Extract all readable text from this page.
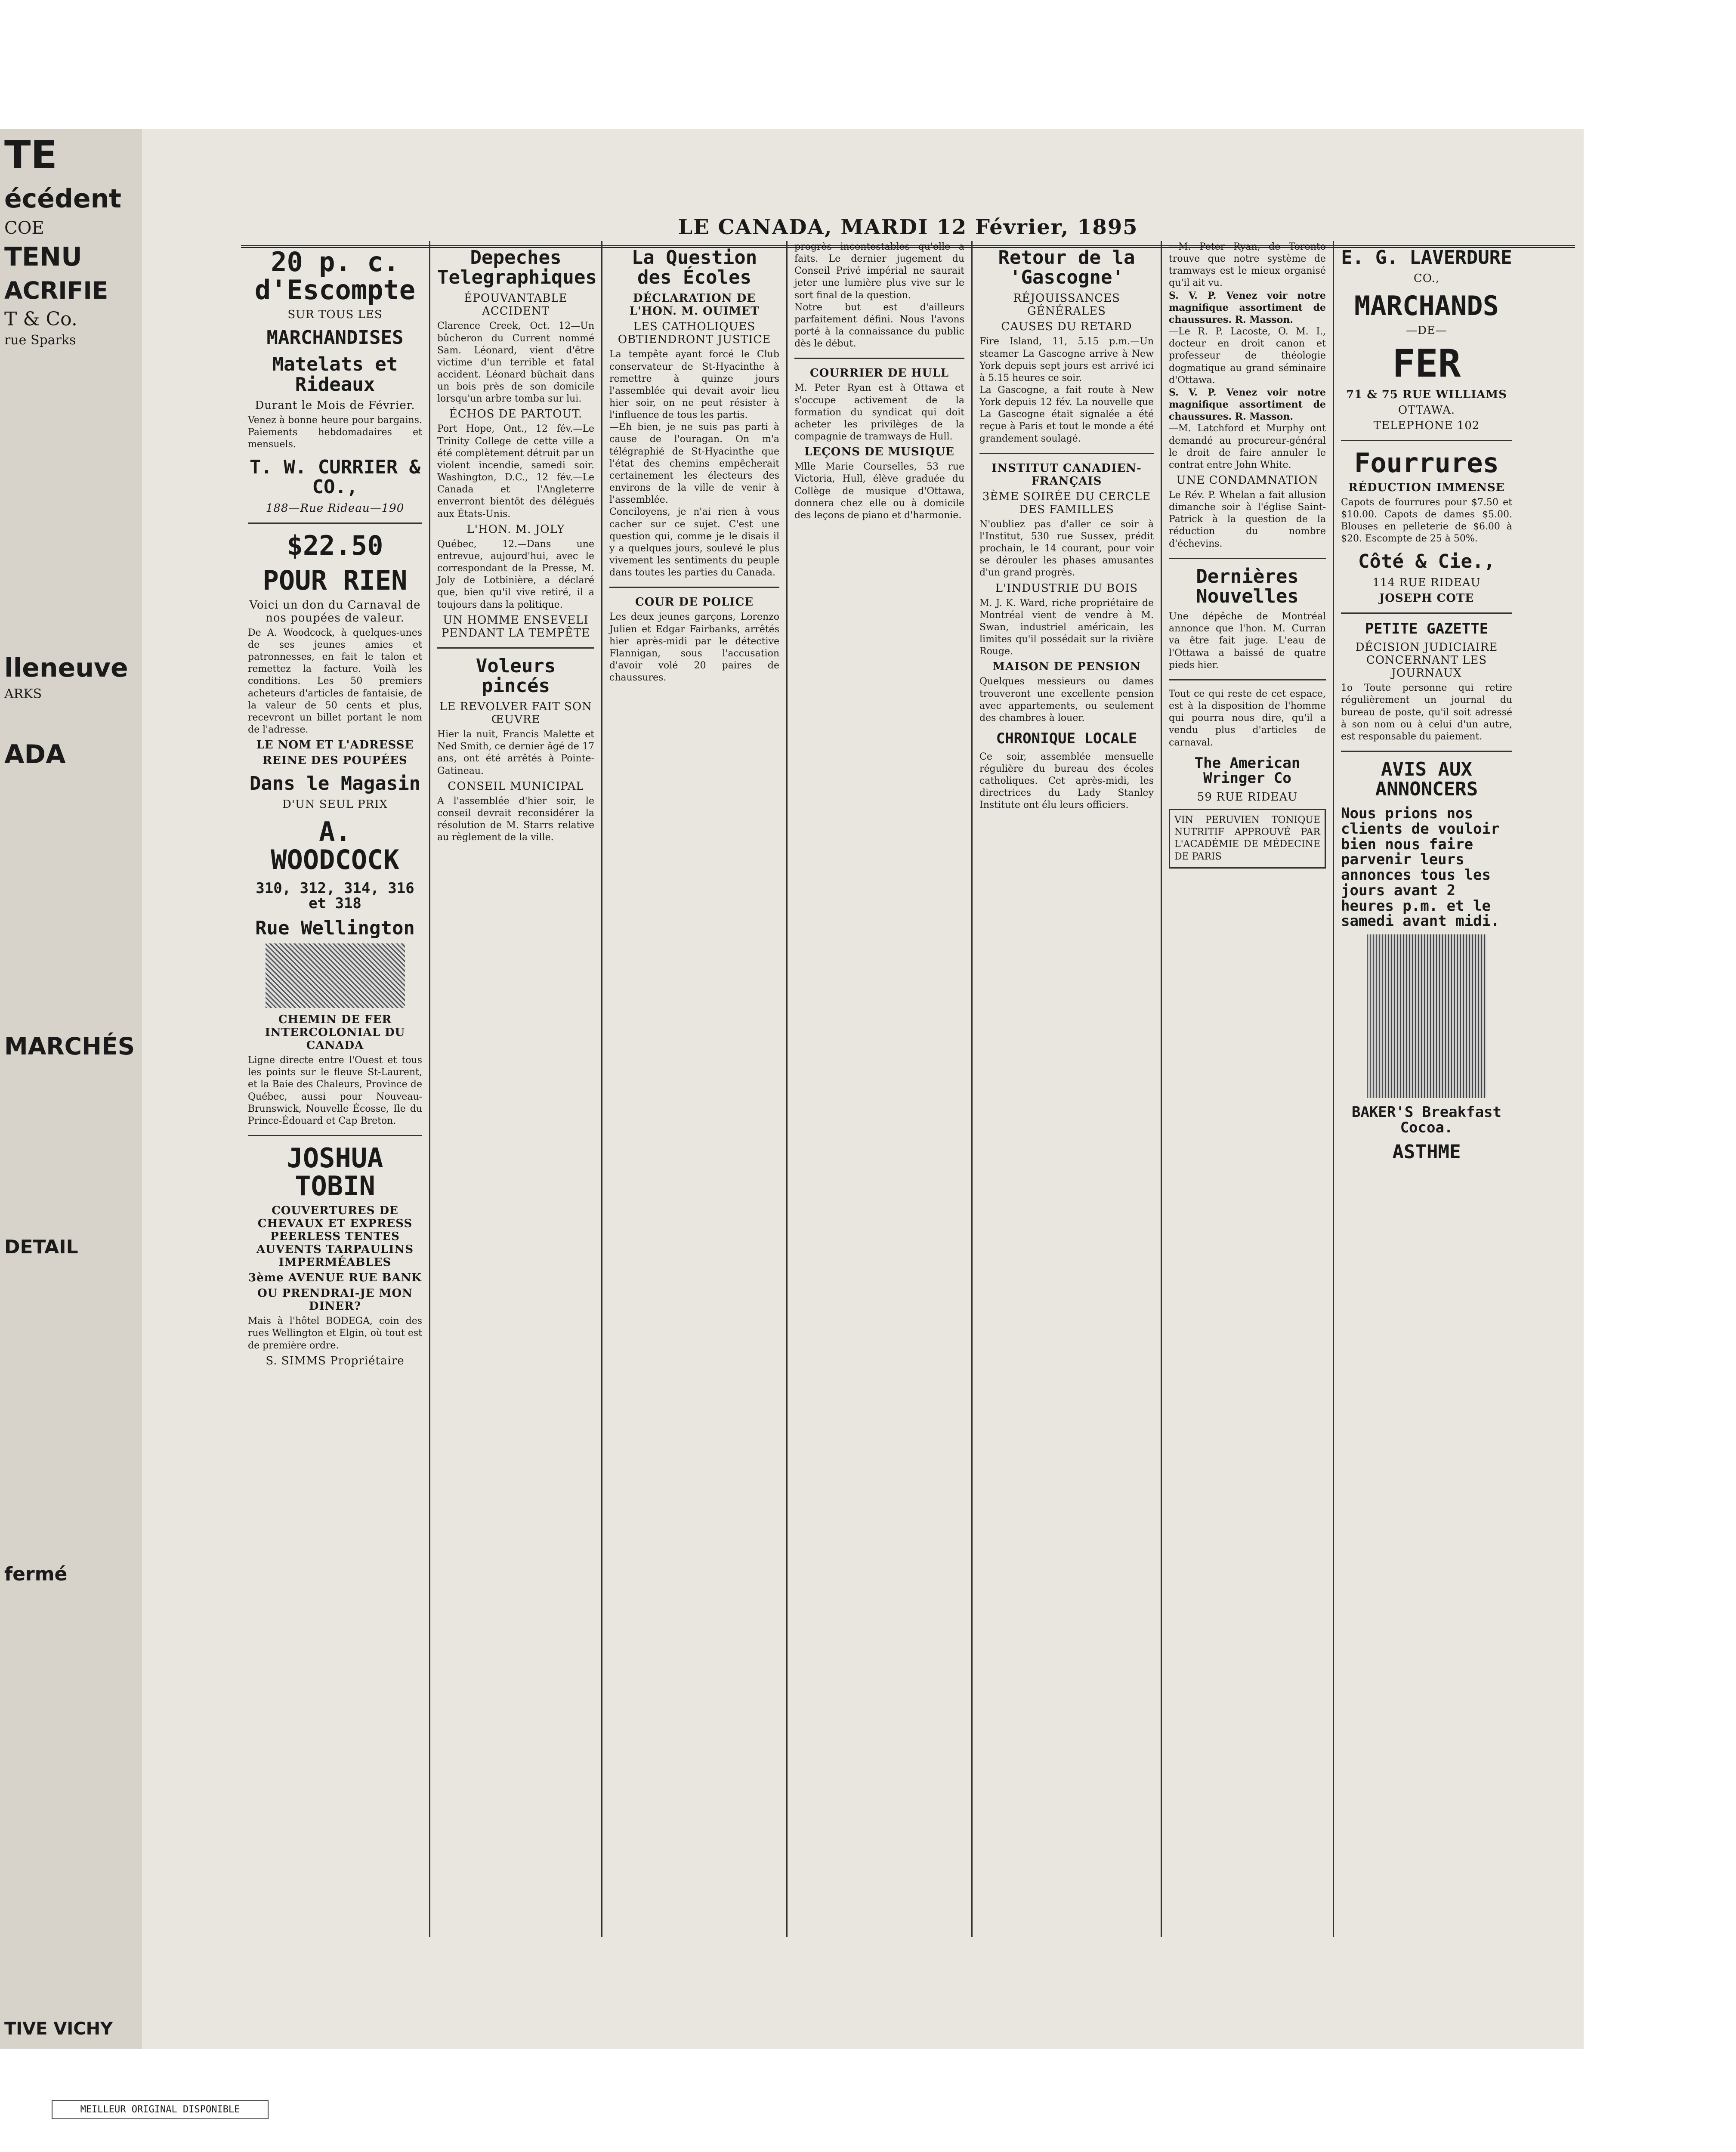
TE
écédent
COE
TENU
ACRIFIE
T & Co.
rue Sparks
lleneuve
ARKS
ADA
MARCHÉS
DETAIL
fermé
TIVE VICHY
LE CANADA, MARDI 12 Février, 1895
20 p. c. d'Escompte
SUR TOUS LES
MARCHANDISES
Matelats et Rideaux
Durant le Mois de Février.
Venez à bonne heure pour bargains. Paiements hebdomadaires et mensuels.
T. W. CURRIER & CO.,
188—Rue Rideau—190
$22.50
POUR RIEN
Voici un don du Carnaval de nos poupées de valeur.
De A. Woodcock, à quelques-unes de ses jeunes amies et patronnesses, en fait le talon et remettez la facture. Voilà les conditions. Les 50 premiers acheteurs d'articles de fantaisie, de la valeur de 50 cents et plus, recevront un billet portant le nom de l'adresse.
LE NOM ET L'ADRESSE
REINE DES POUPÉES
Dans le Magasin
D'UN SEUL PRIX
A. WOODCOCK
310, 312, 314, 316 et 318
Rue Wellington
CHEMIN DE FER INTERCOLONIAL DU CANADA
Ligne directe entre l'Ouest et tous les points sur le fleuve St-Laurent, et la Baie des Chaleurs, Province de Québec, aussi pour Nouveau-Brunswick, Nouvelle Écosse, Ile du Prince-Édouard et Cap Breton.
JOSHUA TOBIN
COUVERTURES DE CHEVAUX ET EXPRESS PEERLESS TENTES AUVENTS TARPAULINS IMPERMÉABLES
3ème AVENUE RUE BANK
OU PRENDRAI-JE MON DINER?
Mais à l'hôtel BODEGA, coin des rues Wellington et Elgin, où tout est de première ordre.
S. SIMMS Propriétaire
Depeches Telegraphiques
ÉPOUVANTABLE ACCIDENT
Clarence Creek, Oct. 12—Un bûcheron du Current nommé Sam. Léonard, vient d'être victime d'un terrible et fatal accident. Léonard bûchait dans un bois près de son domicile lorsqu'un arbre tomba sur lui.
ÉCHOS DE PARTOUT.
Port Hope, Ont., 12 fév.—Le Trinity College de cette ville a été complètement détruit par un violent incendie, samedi soir. Washington, D.C., 12 fév.—Le Canada et l'Angleterre enverront bientôt des délégués aux États-Unis.
L'HON. M. JOLY
Québec, 12.—Dans une entrevue, aujourd'hui, avec le correspondant de la Presse, M. Joly de Lotbinière, a déclaré que, bien qu'il vive retiré, il a toujours dans la politique.
UN HOMME ENSEVELI PENDANT LA TEMPÊTE
Voleurs pincés
LE REVOLVER FAIT SON ŒUVRE
Hier la nuit, Francis Malette et Ned Smith, ce dernier âgé de 17 ans, ont été arrêtés à Pointe-Gatineau.
CONSEIL MUNICIPAL
A l'assemblée d'hier soir, le conseil devrait reconsidérer la résolution de M. Starrs relative au règlement de la ville.
La Question des Écoles
DÉCLARATION DE L'HON. M. OUIMET
LES CATHOLIQUES OBTIENDRONT JUSTICE
La tempête ayant forcé le Club conservateur de St-Hyacinthe à remettre à quinze jours l'assemblée qui devait avoir lieu hier soir, on ne peut résister à l'influence de tous les partis.
—Eh bien, je ne suis pas parti à cause de l'ouragan. On m'a télégraphié de St-Hyacinthe que l'état des chemins empêcherait certainement les électeurs des environs de la ville de venir à l'assemblée.
Conciloyens, je n'ai rien à vous cacher sur ce sujet. C'est une question qui, comme je le disais il y a quelques jours, soulevé le plus vivement les sentiments du peuple dans toutes les parties du Canada.
COUR DE POLICE
Les deux jeunes garçons, Lorenzo Julien et Edgar Fairbanks, arrêtés hier après-midi par le détective Flannigan, sous l'accusation d'avoir volé 20 paires de chaussures.
progrès incontestables qu'elle a faits. Le dernier jugement du Conseil Privé impérial ne saurait jeter une lumière plus vive sur le sort final de la question.
Notre but est d'ailleurs parfaitement défini. Nous l'avons porté à la connaissance du public dès le début.
COURRIER DE HULL
M. Peter Ryan est à Ottawa et s'occupe activement de la formation du syndicat qui doit acheter les privilèges de la compagnie de tramways de Hull.
LEÇONS DE MUSIQUE
Mlle Marie Courselles, 53 rue Victoria, Hull, élève graduée du Collège de musique d'Ottawa, donnera chez elle ou à domicile des leçons de piano et d'harmonie.
Retour de la 'Gascogne'
RÉJOUISSANCES GÉNÉRALES
CAUSES DU RETARD
Fire Island, 11, 5.15 p.m.—Un steamer La Gascogne arrive à New York depuis sept jours est arrivé ici à 5.15 heures ce soir.
La Gascogne, a fait route à New York depuis 12 fév. La nouvelle que La Gascogne était signalée a été reçue à Paris et tout le monde a été grandement soulagé.
INSTITUT CANADIEN-FRANÇAIS
3ÈME SOIRÉE DU CERCLE DES FAMILLES
N'oubliez pas d'aller ce soir à l'Institut, 530 rue Sussex, prédit prochain, le 14 courant, pour voir se dérouler les phases amusantes d'un grand progrès.
L'INDUSTRIE DU BOIS
M. J. K. Ward, riche propriétaire de Montréal vient de vendre à M. Swan, industriel américain, les limites qu'il possédait sur la rivière Rouge.
MAISON DE PENSION
Quelques messieurs ou dames trouveront une excellente pension avec appartements, ou seulement des chambres à louer.
CHRONIQUE LOCALE
Ce soir, assemblée mensuelle régulière du bureau des écoles catholiques. Cet après-midi, les directrices du Lady Stanley Institute ont élu leurs officiers.
—M. Peter Ryan, de Toronto trouve que notre système de tramways est le mieux organisé qu'il ait vu.
S. V. P. Venez voir notre magnifique assortiment de chaussures. R. Masson.
—Le R. P. Lacoste, O. M. I., docteur en droit canon et professeur de théologie dogmatique au grand séminaire d'Ottawa.
S. V. P. Venez voir notre magnifique assortiment de chaussures. R. Masson.
—M. Latchford et Murphy ont demandé au procureur-général le droit de faire annuler le contrat entre John White.
UNE CONDAMNATION
Le Rév. P. Whelan a fait allusion dimanche soir à l'église Saint-Patrick à la question de la réduction du nombre d'échevins.
Dernières Nouvelles
Une dépêche de Montréal annonce que l'hon. M. Curran va être fait juge. L'eau de l'Ottawa a baissé de quatre pieds hier.
Tout ce qui reste de cet espace, est à la disposition de l'homme qui pourra nous dire, qu'il a vendu plus d'articles de carnaval.
The American Wringer Co
59 RUE RIDEAU
VIN PERUVIEN TONIQUE NUTRITIF APPROUVÉ PAR L'ACADÉMIE DE MÉDECINE DE PARIS
E. G. LAVERDURE
CO.,
MARCHANDS
—DE—
FER
71 & 75 RUE WILLIAMS
OTTAWA.
TELEPHONE 102
Fourrures
RÉDUCTION IMMENSE
Capots de fourrures pour $7.50 et $10.00. Capots de dames $5.00. Blouses en pelleterie de $6.00 à $20. Escompte de 25 à 50%.
Côté & Cie.,
114 RUE RIDEAU
JOSEPH COTE
PETITE GAZETTE
DÉCISION JUDICIAIRE CONCERNANT LES JOURNAUX
1o Toute personne qui retire régulièrement un journal du bureau de poste, qu'il soit adressé à son nom ou à celui d'un autre, est responsable du paiement.
AVIS AUX ANNONCERS
Nous prions nos clients de vouloir bien nous faire parvenir leurs annonces tous les jours avant 2 heures p.m. et le samedi avant midi.
BAKER'S Breakfast Cocoa.
ASTHME
MEILLEUR ORIGINAL DISPONIBLE
